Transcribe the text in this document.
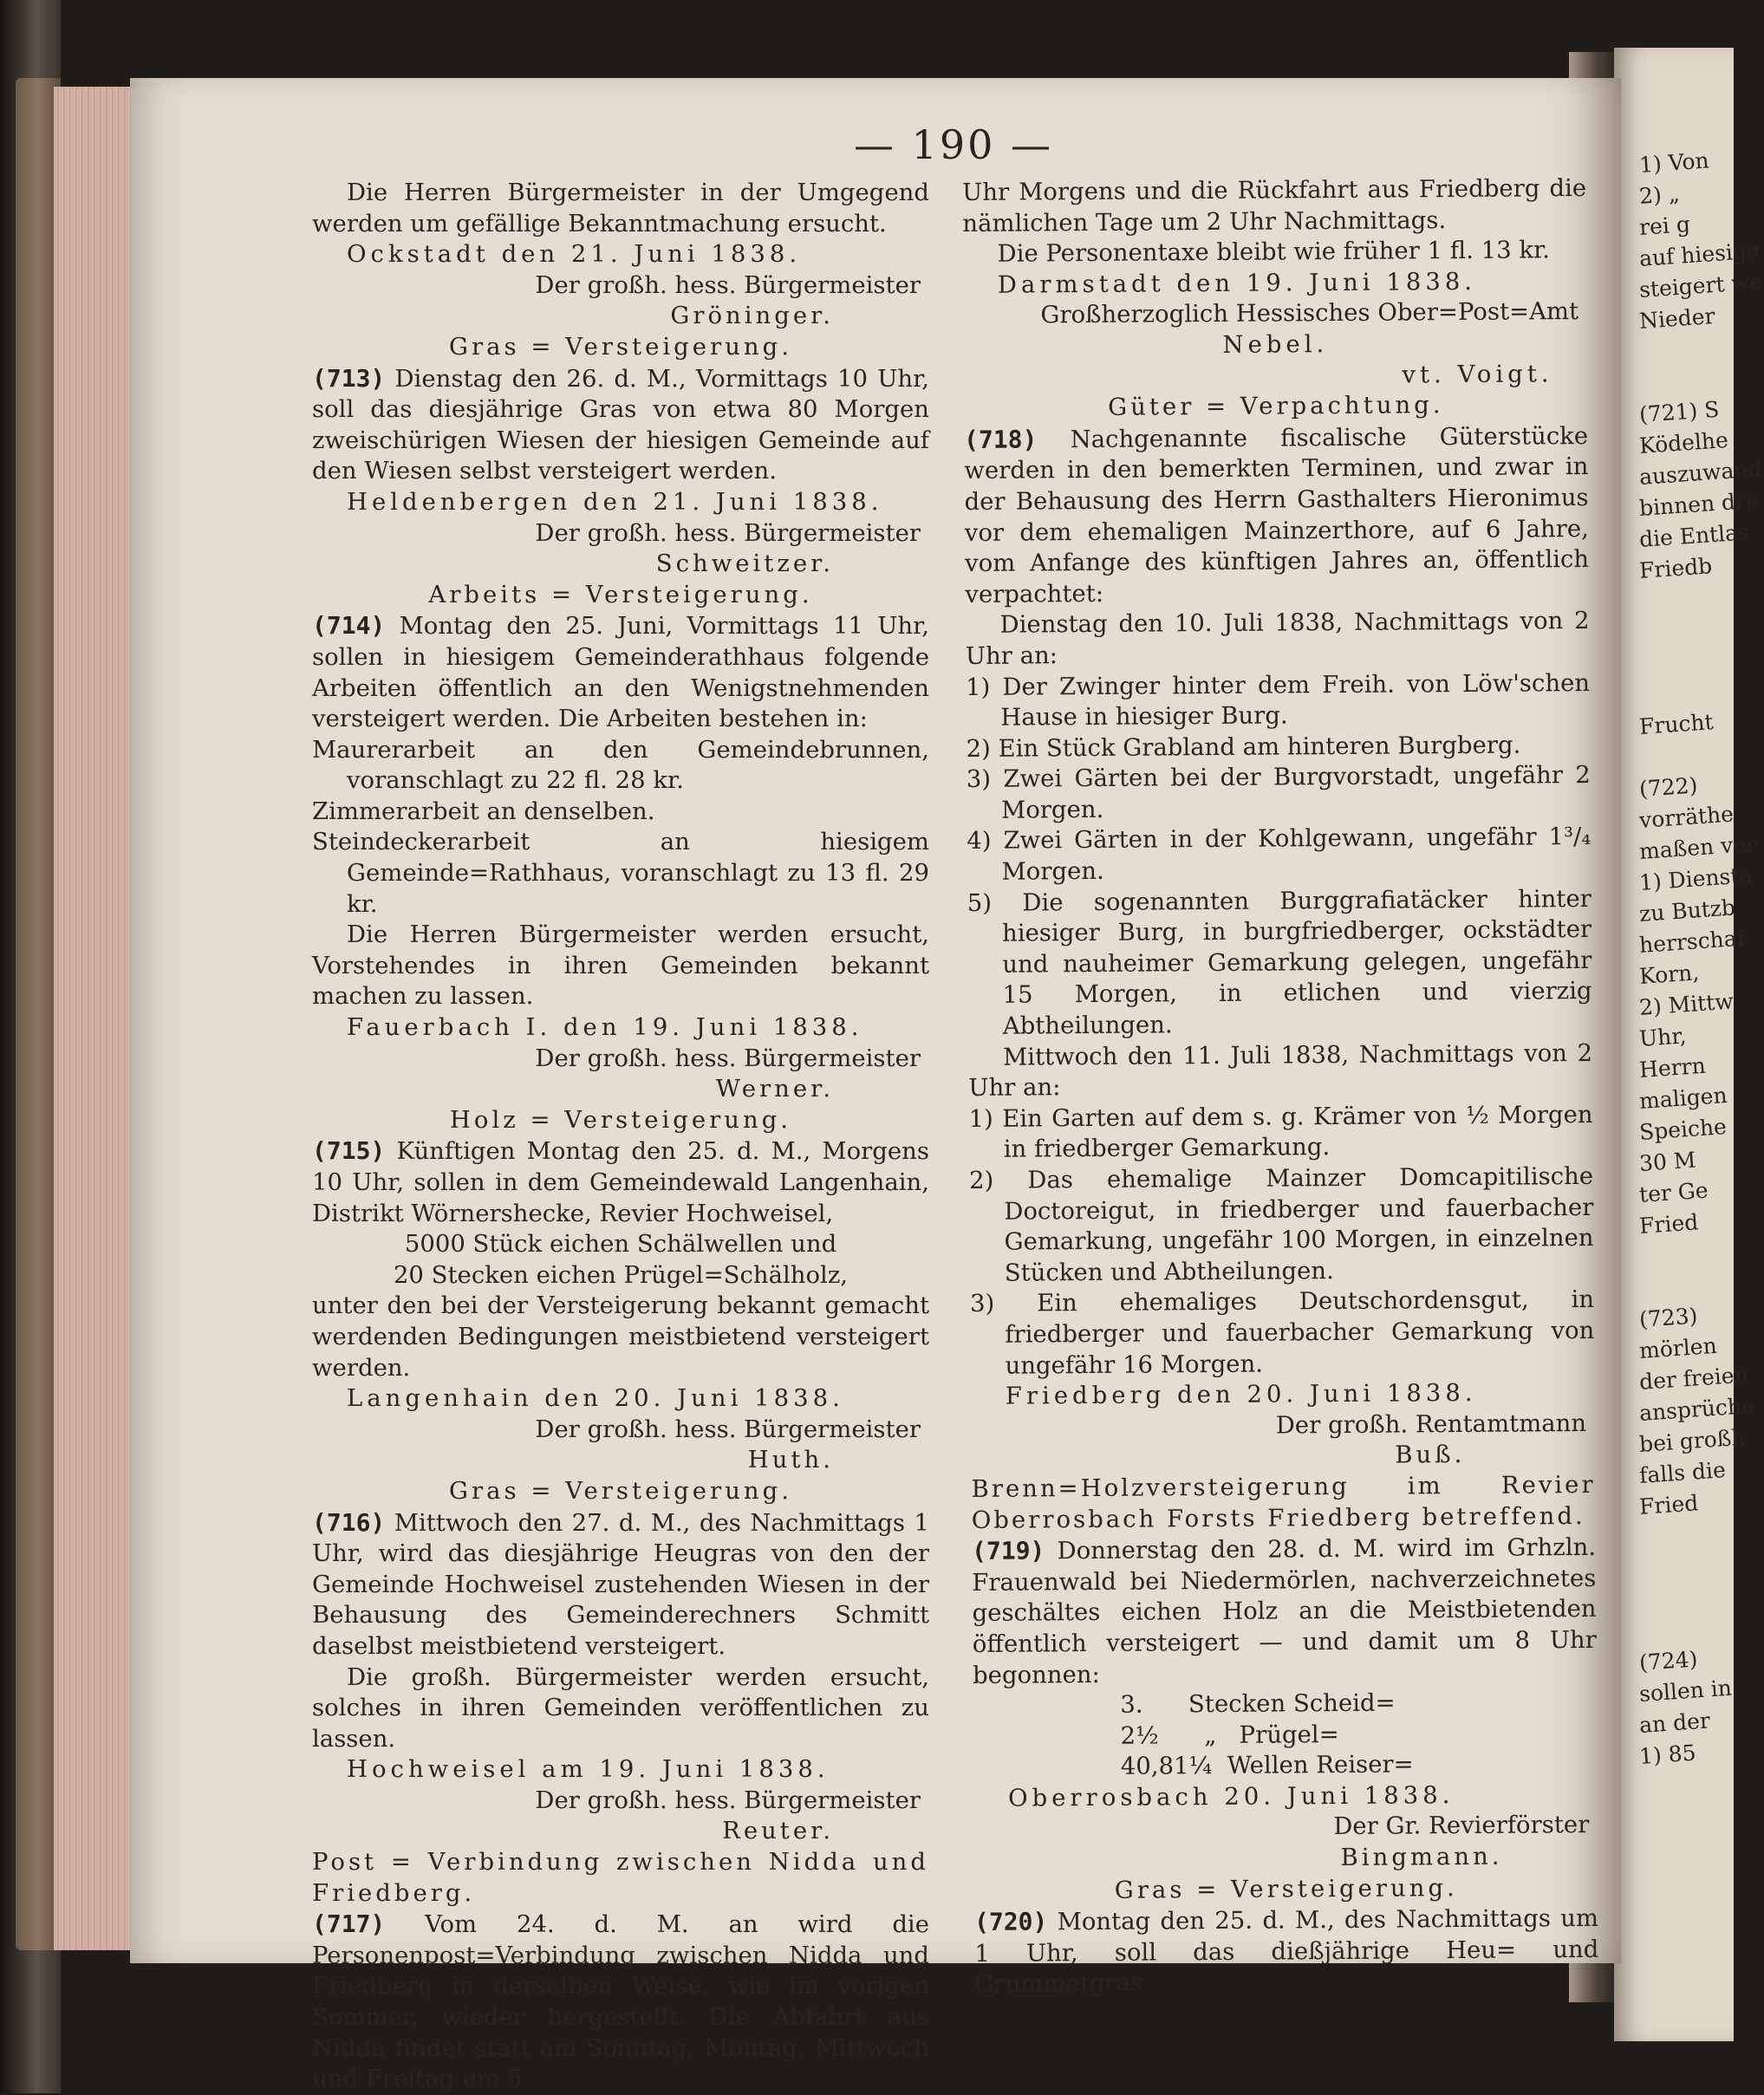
1) Von

2) „

rei g

auf hiesige

steigert we

Nieder

(721) S

Ködelhe

auszuwand

binnen dre

die Entlas

Friedb

Frucht

(722)

vorräthe

maßen ver

1) Diensta

zu Butzb

herrschaf

Korn,

2) Mittw

Uhr,

Herrn

maligen

Speiche

30 M

ter Ge

Fried

(723)

mörlen

der freien

ansprüche

bei großh

falls die

Fried

(724)

sollen in

an der

1) 85

— 190 —

Die Herren Bürgermeister in der Umgegend werden um gefällige Bekanntmachung ersucht.

Ockstadt den 21. Juni 1838.

Der großh. hess. Bürgermeister

Gröninger.

Gras = Versteigerung.

(713) Dienstag den 26. d. M., Vormittags 10 Uhr, soll das diesjährige Gras von etwa 80 Morgen zweischürigen Wiesen der hiesigen Gemeinde auf den Wiesen selbst versteigert werden.

Heldenbergen den 21. Juni 1838.

Der großh. hess. Bürgermeister

Schweitzer.

Arbeits = Versteigerung.

(714) Montag den 25. Juni, Vormittags 11 Uhr, sollen in hiesigem Gemeinderathhaus folgende Arbeiten öffentlich an den Wenigstnehmenden versteigert werden. Die Arbeiten bestehen in:

Maurerarbeit an den Gemeindebrunnen, voranschlagt zu 22 fl. 28 kr.

Zimmerarbeit an denselben.

Steindeckerarbeit an hiesigem Gemeinde=Rathhaus, voranschlagt zu 13 fl. 29 kr.

Die Herren Bürgermeister werden ersucht, Vorstehendes in ihren Gemeinden bekannt machen zu lassen.

Fauerbach I. den 19. Juni 1838.

Der großh. hess. Bürgermeister

Werner.

Holz = Versteigerung.

(715) Künftigen Montag den 25. d. M., Morgens 10 Uhr, sollen in dem Gemeindewald Langenhain, Distrikt Wörnershecke, Revier Hochweisel,

5000 Stück eichen Schälwellen und

20 Stecken eichen Prügel=Schälholz,

unter den bei der Versteigerung bekannt gemacht werdenden Bedingungen meistbietend versteigert werden.

Langenhain den 20. Juni 1838.

Der großh. hess. Bürgermeister

Huth.

Gras = Versteigerung.

(716) Mittwoch den 27. d. M., des Nachmittags 1 Uhr, wird das diesjährige Heugras von den der Gemeinde Hochweisel zustehenden Wiesen in der Behausung des Gemeinderechners Schmitt daselbst meistbietend versteigert.

Die großh. Bürgermeister werden ersucht, solches in ihren Gemeinden veröffentlichen zu lassen.

Hochweisel am 19. Juni 1838.

Der großh. hess. Bürgermeister

Reuter.

Post = Verbindung zwischen Nidda und Friedberg.

(717) Vom 24. d. M. an wird die Personenpost=Verbindung zwischen Nidda und Friedberg in derselben Weise, wie im vorigen Sommer, wieder hergestellt. Die Abfahrt aus Nidda findet statt am Sonntag, Montag, Mittwoch und Freitag um 5

Uhr Morgens und die Rückfahrt aus Friedberg die nämlichen Tage um 2 Uhr Nachmittags.

Die Personentaxe bleibt wie früher 1 fl. 13 kr.

Darmstadt den 19. Juni 1838.

Großherzoglich Hessisches Ober=Post=Amt

Nebel.

vt. Voigt.

Güter = Verpachtung.

(718) Nachgenannte fiscalische Güterstücke werden in den bemerkten Terminen, und zwar in der Behausung des Herrn Gasthalters Hieronimus vor dem ehemaligen Mainzerthore, auf 6 Jahre, vom Anfange des künftigen Jahres an, öffentlich verpachtet:

Dienstag den 10. Juli 1838, Nachmittags von 2 Uhr an:

1) Der Zwinger hinter dem Freih. von Löw'schen Hause in hiesiger Burg.

2) Ein Stück Grabland am hinteren Burgberg.

3) Zwei Gärten bei der Burgvorstadt, ungefähr 2 Morgen.

4) Zwei Gärten in der Kohlgewann, ungefähr 1³/₄ Morgen.

5) Die sogenannten Burggrafiatäcker hinter hiesiger Burg, in burgfriedberger, ockstädter und nauheimer Gemarkung gelegen, ungefähr 15 Morgen, in etlichen und vierzig Abtheilungen.

Mittwoch den 11. Juli 1838, Nachmittags von 2 Uhr an:

1) Ein Garten auf dem s. g. Krämer von ½ Morgen in friedberger Gemarkung.

2) Das ehemalige Mainzer Domcapitilische Doctoreigut, in friedberger und fauerbacher Gemarkung, ungefähr 100 Morgen, in einzelnen Stücken und Abtheilungen.

3) Ein ehemaliges Deutschordensgut, in friedberger und fauerbacher Gemarkung von ungefähr 16 Morgen.

Friedberg den 20. Juni 1838.

Der großh. Rentamtmann

Buß.

Brenn=Holzversteigerung im Revier Oberrosbach Forsts Friedberg betreffend.

(719) Donnerstag den 28. d. M. wird im Grhzln. Frauenwald bei Niedermörlen, nachverzeichnetes geschältes eichen Holz an die Meistbietenden öffentlich versteigert — und damit um 8 Uhr begonnen:

3.      Stecken Scheid=

2½      „   Prügel=

40,81¼  Wellen Reiser=

Oberrosbach 20. Juni 1838.

Der Gr. Revierförster

Bingmann.

Gras = Versteigerung.

(720) Montag den 25. d. M., des Nachmittags um 1 Uhr, soll das dießjährige Heu= und Grummetgras
